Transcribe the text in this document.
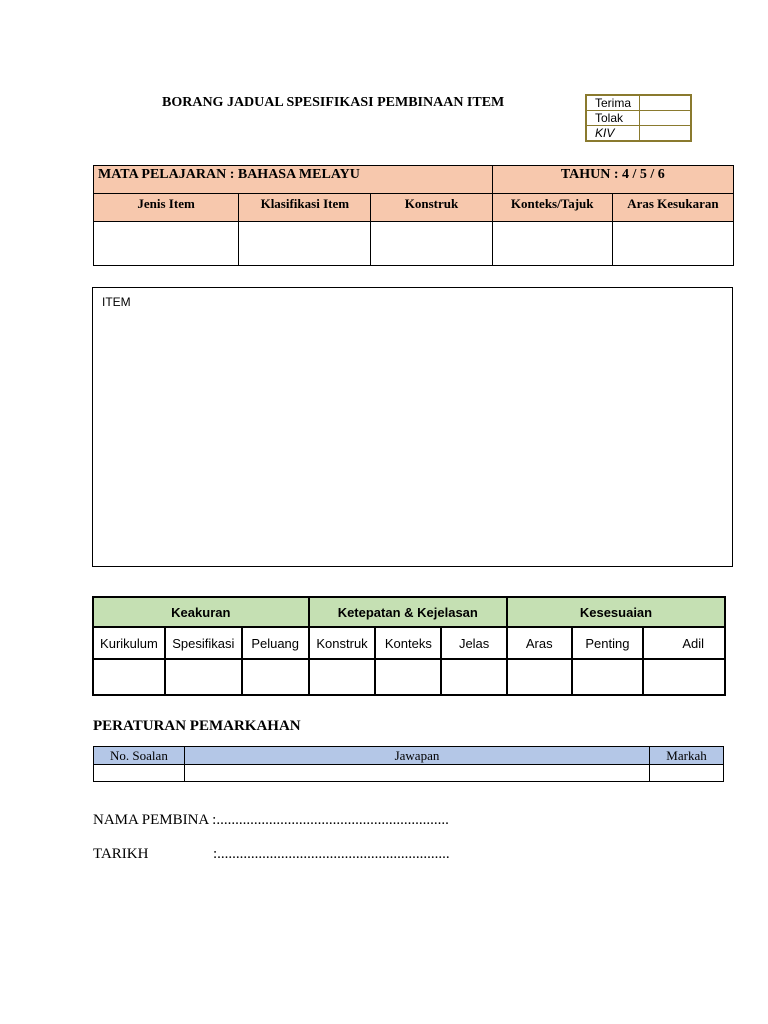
BORANG JADUAL SPESIFIKASI PEMBINAAN ITEM	Terima	
Tolak	
KIV	
MATA PELAJARAN : BAHASA MELAYU			TAHUN : 4 / 5 / 6	
Jenis Item	Klasifikasi Item	Konstruk	Konteks/Tajuk	Aras Kesukaran

ITEM
Keakuran			Ketepatan & Kejelasan			Kesesuaian		
Kurikulum	Spesifikasi	Peluang	Konstruk	Konteks	Jelas	Aras	Penting	Adil

PERATURAN PEMARKAHAN
No. Soalan	Jawapan	Markah

NAMA PEMBINA :..............................................................
TARIKH	:..............................................................
